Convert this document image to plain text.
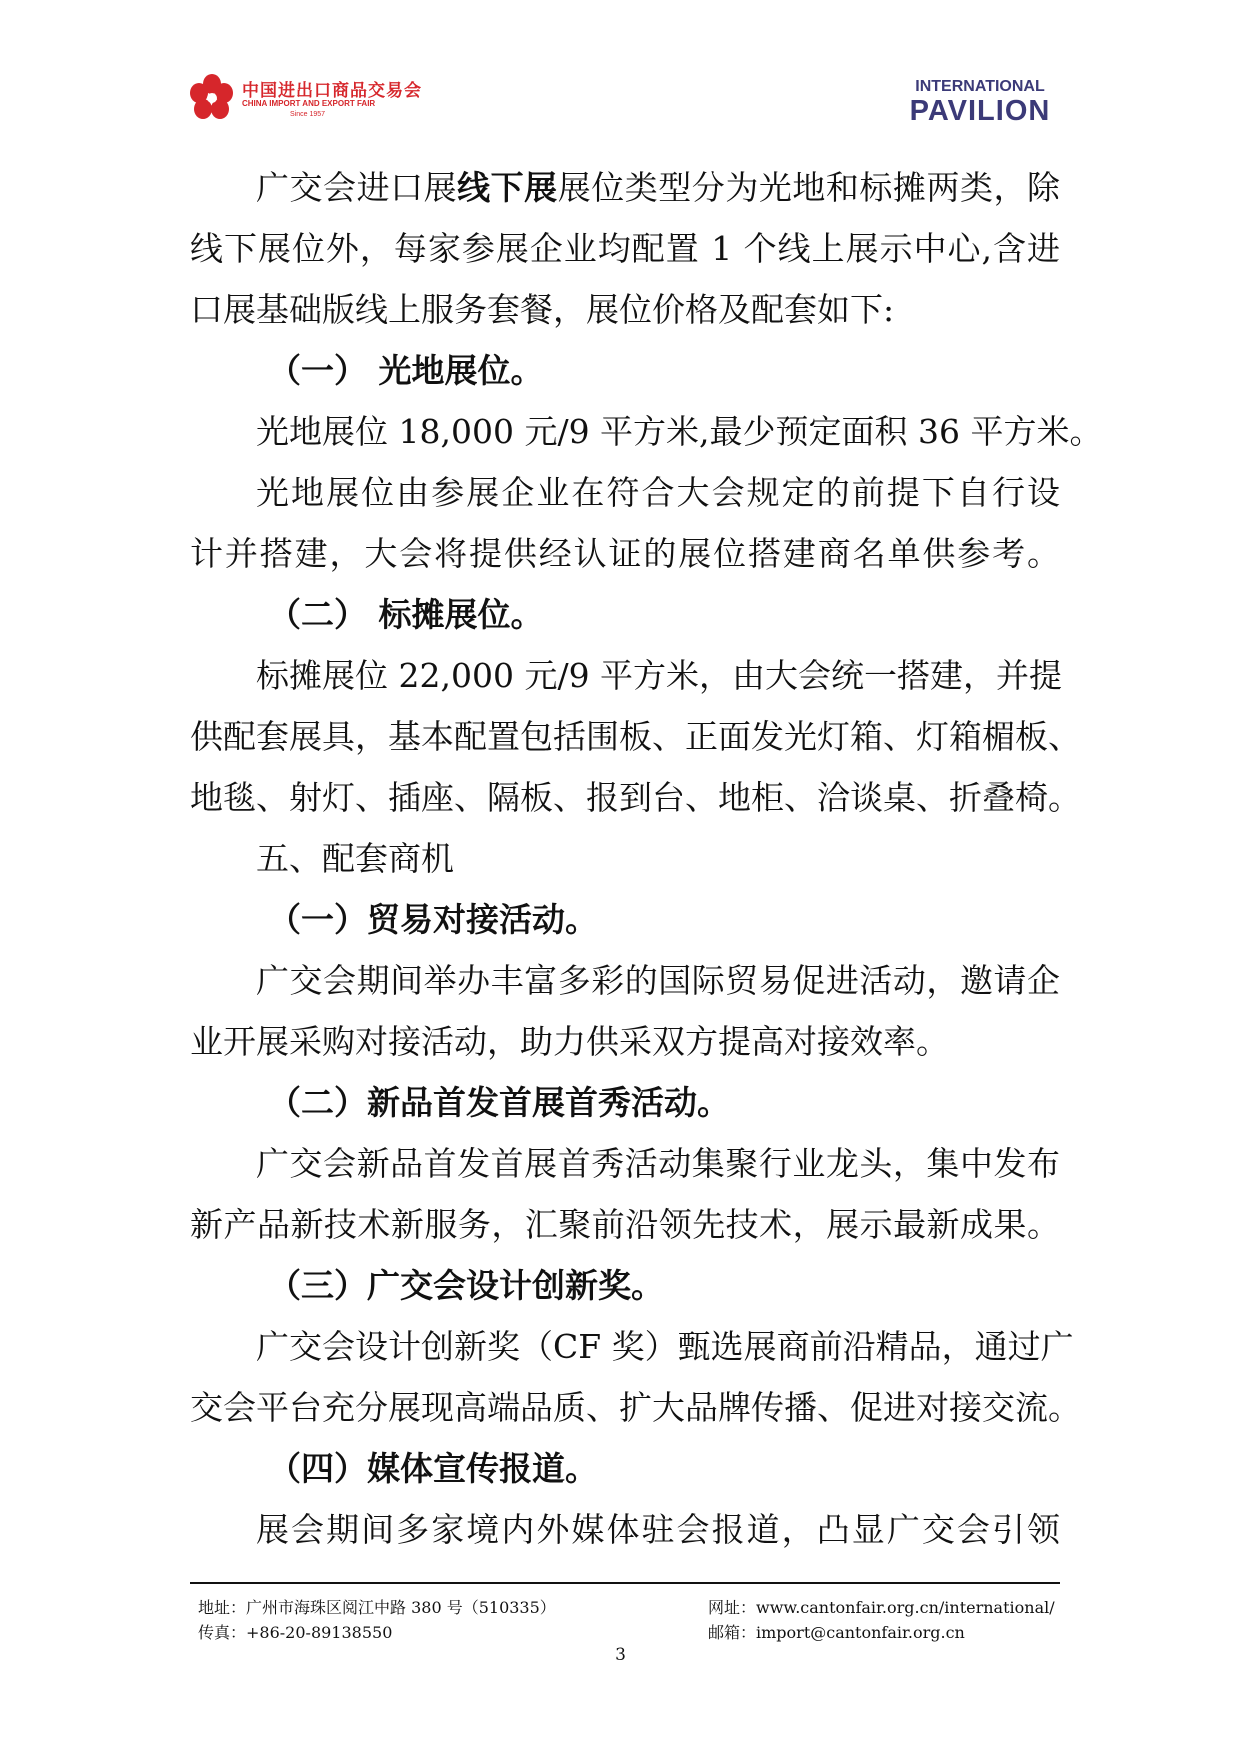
中国进出口商品交易会
CHINA IMPORT AND EXPORT FAIR
Since 1957
INTERNATIONAL
PAVILION
广交会进口展线下展展位类型分为光地和标摊两类，除
线下展位外，每家参展企业均配置 1 个线上展示中心,含进
口展基础版线上服务套餐，展位价格及配套如下:
（一） 光地展位。
光地展位 18,000 元/9 平方米,最少预定面积 36 平方米。
光地展位由参展企业在符合大会规定的前提下自行设
计并搭建，大会将提供经认证的展位搭建商名单供参考。
（二） 标摊展位。
标摊展位 22,000 元/9 平方米，由大会统一搭建，并提
供配套展具，基本配置包括围板、正面发光灯箱、灯箱楣板、
地毯、射灯、插座、隔板、报到台、地柜、洽谈桌、折叠椅。
五、配套商机
（一）贸易对接活动。
广交会期间举办丰富多彩的国际贸易促进活动，邀请企
业开展采购对接活动，助力供采双方提高对接效率。
（二）新品首发首展首秀活动。
广交会新品首发首展首秀活动集聚行业龙头，集中发布
新产品新技术新服务，汇聚前沿领先技术，展示最新成果。
（三）广交会设计创新奖。
广交会设计创新奖（CF 奖）甄选展商前沿精品，通过广
交会平台充分展现高端品质、扩大品牌传播、促进对接交流。
（四）媒体宣传报道。
展会期间多家境内外媒体驻会报道，凸显广交会引领
地址：广州市海珠区阅江中路 380 号（510335）
传真：+86-20-89138550
网址：www.cantonfair.org.cn/international/
邮箱：import@cantonfair.org.cn
3
